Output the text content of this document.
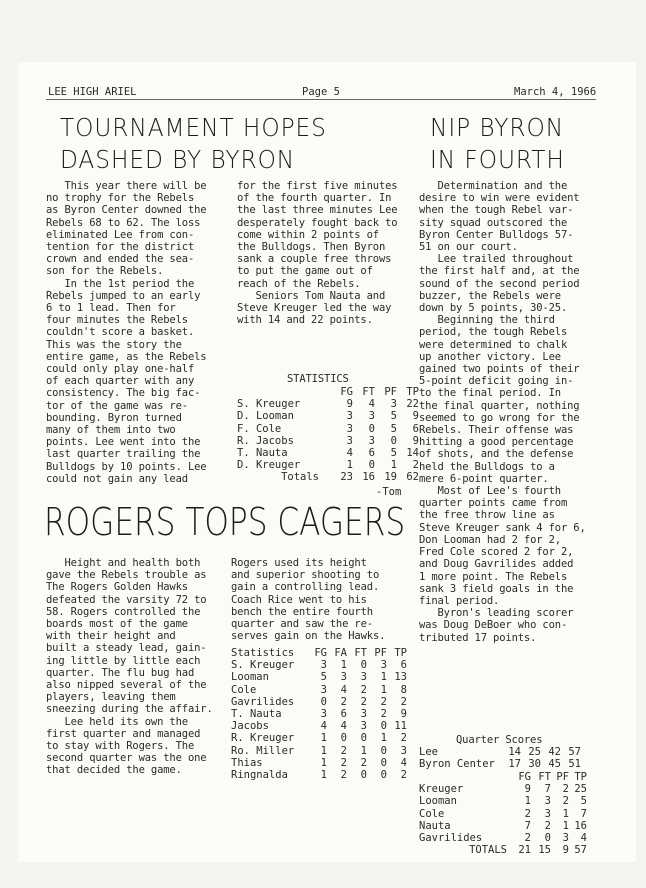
LEE HIGH ARIEL	Page 5	March 4, 1966
TOURNAMENT HOPES
DASHED BY BYRON
This year there will be
no trophy for the Rebels
as Byron Center downed the
Rebels 68 to 62. The loss
eliminated Lee from con-
tention for the district
crown and ended the sea-
son for the Rebels.
In the 1st period the
Rebels jumped to an early
6 to 1 lead. Then for
four minutes the Rebels
couldn't score a basket.
This was the story the
entire game, as the Rebels
could only play one-half
of each quarter with any
consistency. The big fac-
tor of the game was re-
bounding. Byron turned
many of them into two
points. Lee went into the
last quarter trailing the
Bulldogs by 10 points. Lee
could not gain any lead
for the first five minutes
of the fourth quarter. In
the last three minutes Lee
desperately fought back to
come within 2 points of
the Bulldogs. Then Byron
sank a couple free throws
to put the game out of
reach of the Rebels.
Seniors Tom Nauta and
Steve Kreuger led the way
with 14 and 22 points.
STATISTICS
	FG	FT	PF	TP
S. Kreuger	9	4	3	22
D. Looman	3	3	5	9
F. Cole	3	0	5	6
R. Jacobs	3	3	0	9
T. Nauta	4	6	5	14
D. Kreuger	1	0	1	2
Totals	23	16	19	62
-Tom
ROGERS TOPS CAGERS
Height and health both
gave the Rebels trouble as
The Rogers Golden Hawks
defeated the varsity 72 to
58. Rogers controlled the
boards most of the game
with their height and
built a steady lead, gain-
ing little by little each
quarter. The flu bug had
also nipped several of the
players, leaving them
sneezing during the affair.
Lee held its own the
first quarter and managed
to stay with Rogers. The
second quarter was the one
that decided the game.
Rogers used its height
and superior shooting to
gain a controlling lead.
Coach Rice went to his
bench the entire fourth
quarter and saw the re-
serves gain on the Hawks.
Statistics	FG	FA	FT	PF	TP
S. Kreuger	3	1	0	3	6
Looman	5	3	3	1	13
Cole	3	4	2	1	8
Gavrilides	0	2	2	2	2
T. Nauta	3	6	3	2	9
Jacobs	4	4	3	0	11
R. Kreuger	1	0	0	1	2
Ro. Miller	1	2	1	0	3
Thias	1	2	2	0	4
Ringnalda	1	2	0	0	2
NIP BYRON
IN FOURTH
Determination and the
desire to win were evident
when the tough Rebel var-
sity squad outscored the
Byron Center Bulldogs 57-
51 on our court.
Lee trailed throughout
the first half and, at the
sound of the second period
buzzer, the Rebels were
down by 5 points, 30-25.
Beginning the third
period, the tough Rebels
were determined to chalk
up another victory. Lee
gained two points of their
5-point deficit going in-
to the final period. In
the final quarter, nothing
seemed to go wrong for the
Rebels. Their offense was
hitting a good percentage
of shots, and the defense
held the Bulldogs to a
mere 6-point quarter.
Most of Lee's fourth
quarter points came from
the free throw line as
Steve Kreuger sank 4 for 6,
Don Looman had 2 for 2,
Fred Cole scored 2 for 2,
and Doug Gavrilides added
1 more point. The Rebels
sank 3 field goals in the
final period.
Byron's leading scorer
was Doug DeBoer who con-
tributed 17 points.
Quarter Scores
Lee	14	25	42	57
Byron Center	17	30	45	51
	FG	FT	PF	TP
Kreuger	9	7	2	25
Looman	1	3	2	5
Cole	2	3	1	7
Nauta	7	2	1	16
Gavrilides	2	0	3	4
TOTALS	21	15	9	57
